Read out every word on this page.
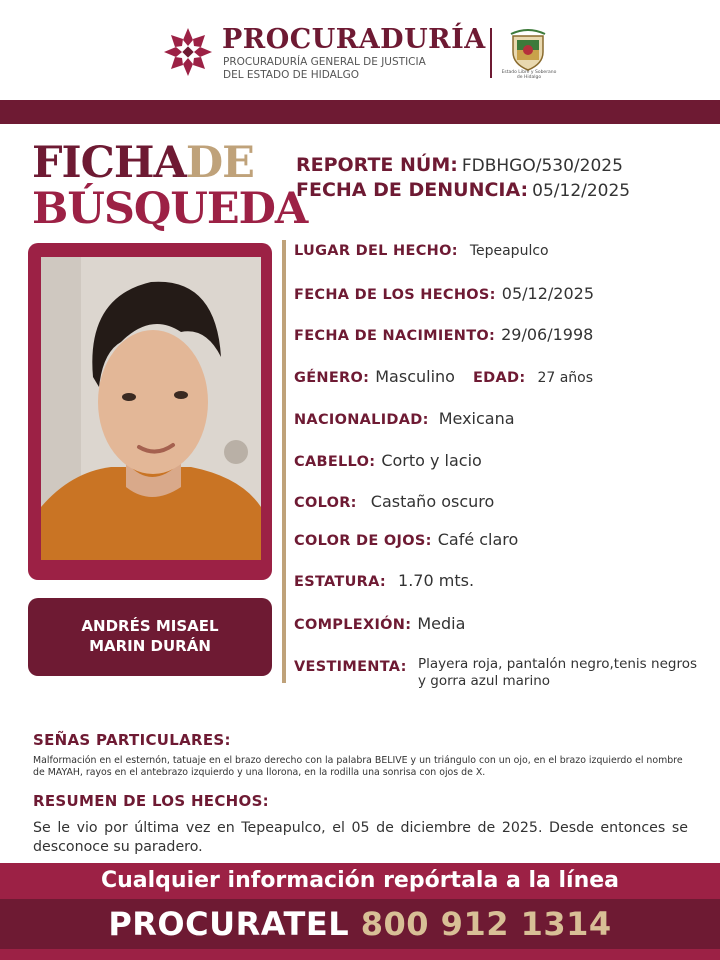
PROCURADURÍA
PROCURADURÍA GENERAL DE JUSTICIA
DEL ESTADO DE HIDALGO	Estado Libre y Soberano de Hidalgo
FICHADE
BÚSQUEDA
REPORTE NÚM: FDBHGO/530/2025
FECHA DE DENUNCIA: 05/12/2025
ANDRÉS MISAEL
MARIN DURÁN
LUGAR DEL HECHO: Tepeapulco
FECHA DE LOS HECHOS: 05/12/2025
FECHA DE NACIMIENTO: 29/06/1998
GÉNERO: Masculino EDAD: 27 años
NACIONALIDAD: Mexicana
CABELLO: Corto y lacio
COLOR: Castaño oscuro
COLOR DE OJOS: Café claro
ESTATURA: 1.70 mts.
COMPLEXIÓN: Media
VESTIMENTA: Playera roja, pantalón negro,tenis negros y gorra azul marino
SEÑAS PARTICULARES:
Malformación en el esternón, tatuaje en el brazo derecho con la palabra BELIVE y un triángulo con un ojo, en el brazo izquierdo el nombre de MAYAH, rayos en el antebrazo izquierdo y una llorona, en la rodilla una sonrisa con ojos de X.
RESUMEN DE LOS HECHOS:
Se le vio por última vez en Tepeapulco, el 05 de diciembre de 2025. Desde entonces se desconoce su paradero.
Cualquier información repórtala a la línea
PROCURATEL 800 912 1314
